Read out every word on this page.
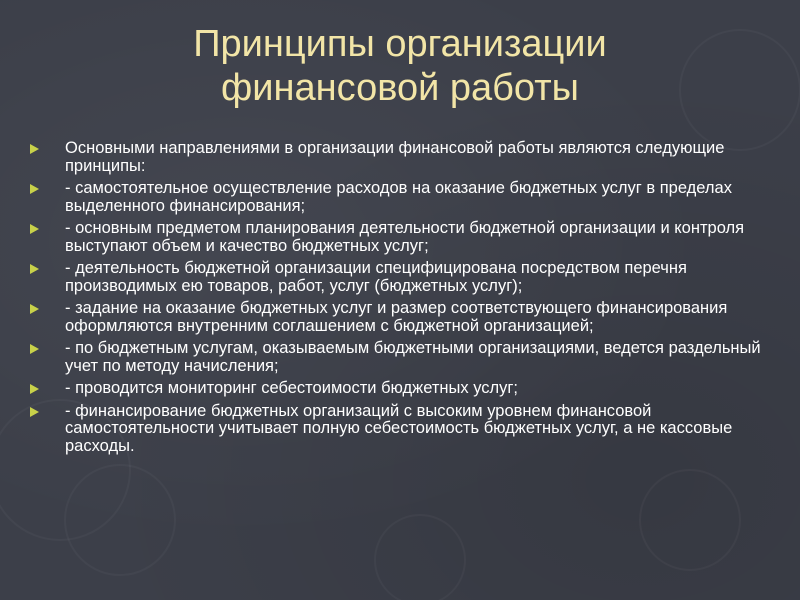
Принципы организации
финансовой работы
Основными направлениями в организации финансовой работы являются следующие принципы:
- самостоятельное осуществление расходов на оказание бюджетных услуг в пределах выделенного финансирования;
- основным предметом планирования деятельности бюджетной организации и контроля выступают объем и качество бюджетных услуг;
- деятельность бюджетной организации специфицирована посредством перечня производимых ею товаров, работ, услуг (бюджетных услуг);
- задание на оказание бюджетных услуг и размер соответствующего финансирования оформляются внутренним соглашением с бюджетной организацией;
- по бюджетным услугам, оказываемым бюджетными организациями, ведется раздельный учет по методу начисления;
- проводится мониторинг себестоимости бюджетных услуг;
- финансирование бюджетных организаций с высоким уровнем финансовой самостоятельности учитывает полную себестоимость бюджетных услуг, а не кассовые расходы.
